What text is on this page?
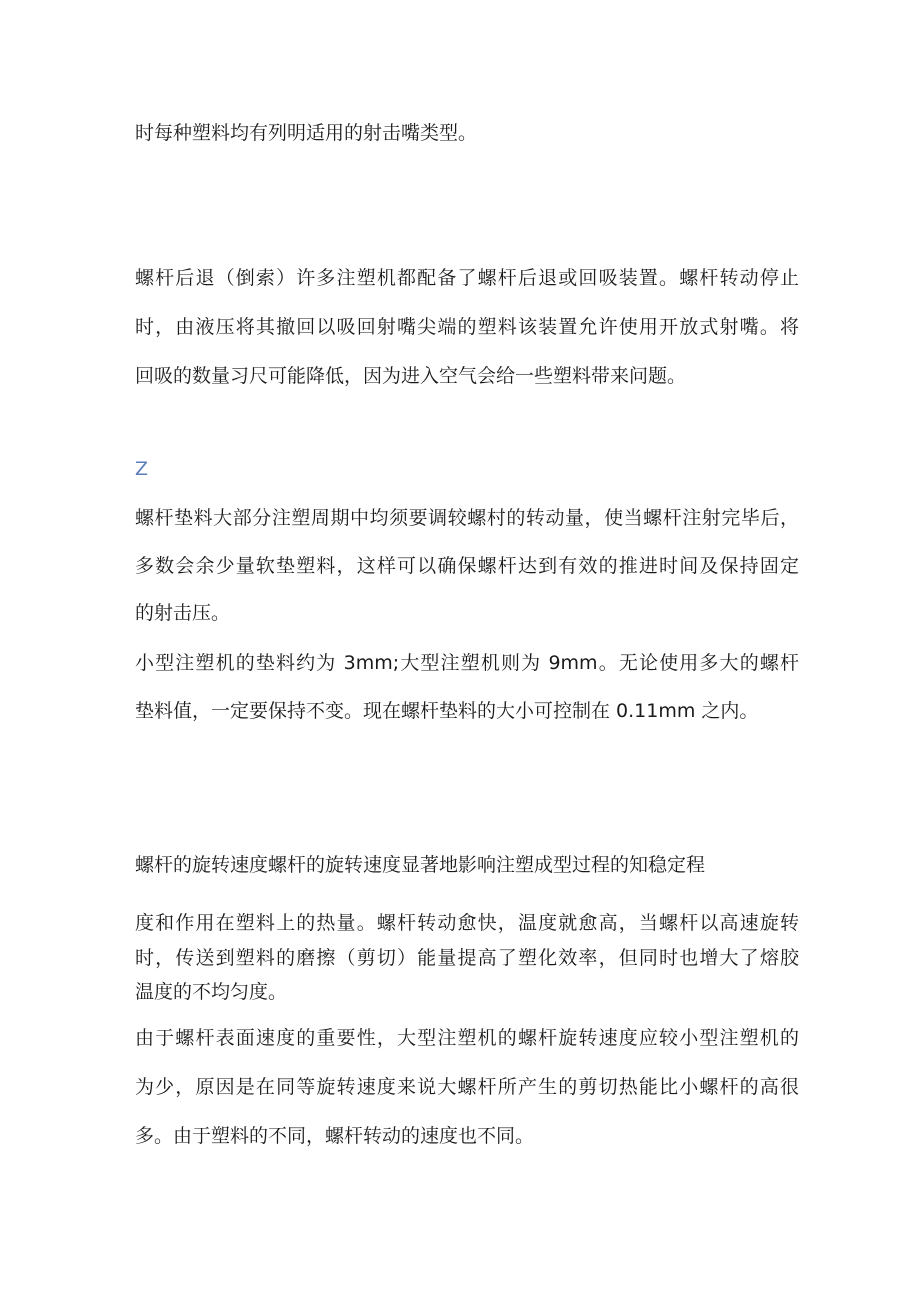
时每种塑料均有列明适用的射击嘴类型。

螺杆后退（倒索）许多注塑机都配备了螺杆后退或回吸装置。螺杆转动停止

时，由液压将其撤回以吸回射嘴尖端的塑料该装置允许使用开放式射嘴。将

回吸的数量习尺可能降低，因为进入空气会给一些塑料带来问题。

Z

螺杆垫料大部分注塑周期中均须要调较螺村的转动量，使当螺杆注射完毕后，

多数会余少量软垫塑料，这样可以确保螺杆达到有效的推进时间及保持固定

的射击压。

小型注塑机的垫料约为 3mm;大型注塑机则为 9mm。无论使用多大的螺杆

垫料值，一定要保持不变。现在螺杆垫料的大小可控制在 0.11mm 之内。

螺杆的旋转速度螺杆的旋转速度显著地影响注塑成型过程的知稳定程

度和作用在塑料上的热量。螺杆转动愈快，温度就愈高，当螺杆以高速旋转

时，传送到塑料的磨擦（剪切）能量提高了塑化效率，但同时也增大了熔胶

温度的不均匀度。

由于螺杆表面速度的重要性，大型注塑机的螺杆旋转速度应较小型注塑机的

为少，原因是在同等旋转速度来说大螺杆所产生的剪切热能比小螺杆的高很

多。由于塑料的不同，螺杆转动的速度也不同。
